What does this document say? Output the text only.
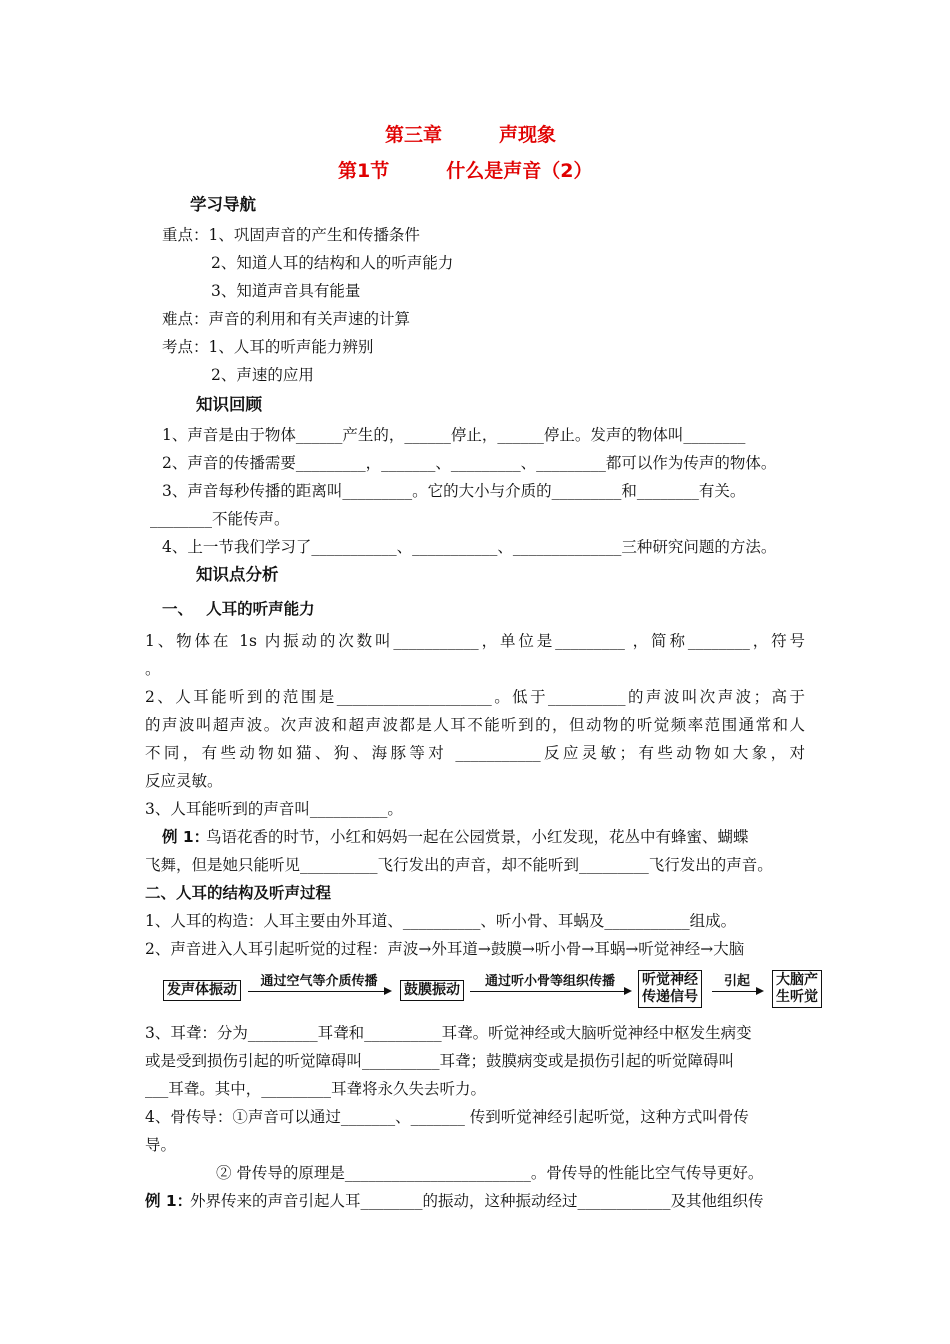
第三章　　　声现象
第1节　　　什么是声音（2）
学习导航
重点：1、巩固声音的产生和传播条件
2、知道人耳的结构和人的听声能力
3、知道声音具有能量
难点：声音的利用和有关声速的计算
考点：1、人耳的听声能力辨别
2、声速的应用
知识回顾
1、声音是由于物体______产生的，______停止，______停止。发声的物体叫________
2、声音的传播需要_________，_______、_________、_________都可以作为传声的物体。
3、声音每秒传播的距离叫_________。它的大小与介质的_________和________有关。
________不能传声。
4、上一节我们学习了___________、___________、______________三种研究问题的方法。
知识点分析
一、　 人耳的听声能力
1、物体在 1s 内振动的次数叫___________，单位是_________ ，简称________，符号
。
2、人耳能听到的范围是____________________。低于__________的声波叫次声波；高于
的声波叫超声波。次声波和超声波都是人耳不能听到的，但动物的听觉频率范围通常和人
不同，有些动物如猫、狗、海豚等对 ___________反应灵敏；有些动物如大象，对
反应灵敏。
3、人耳能听到的声音叫__________。
例 1：
鸟语花香的时节，小红和妈妈一起在公园赏景，小红发现，花丛中有蜂蜜、蝴蝶
飞舞，但是她只能听见__________飞行发出的声音，却不能听到_________飞行发出的声音。
二、人耳的结构及听声过程
1、人耳的构造：人耳主要由外耳道、__________、听小骨、耳蜗及___________组成。
2、声音进入人耳引起听觉的过程：声波→外耳道→鼓膜→听小骨→耳蜗→听觉神经→大脑
发声体振动
通过空气等介质传播
鼓膜振动
通过听小骨等组织传播	听觉神经
传递信号
引起	大脑产
生听觉
3、耳聋：分为_________耳聋和__________耳聋。听觉神经或大脑听觉神经中枢发生病变
或是受到损伤引起的听觉障碍叫__________耳聋；鼓膜病变或是损伤引起的听觉障碍叫
___耳聋。其中，_________耳聋将永久失去听力。
4、骨传导：①声音可以通过_______、_______ 传到听觉神经引起听觉，这种方式叫骨传
导。
② 骨传导的原理是________________________。骨传导的性能比空气传导更好。
例 1：
外界传来的声音引起人耳________的振动，这种振动经过____________及其他组织传
